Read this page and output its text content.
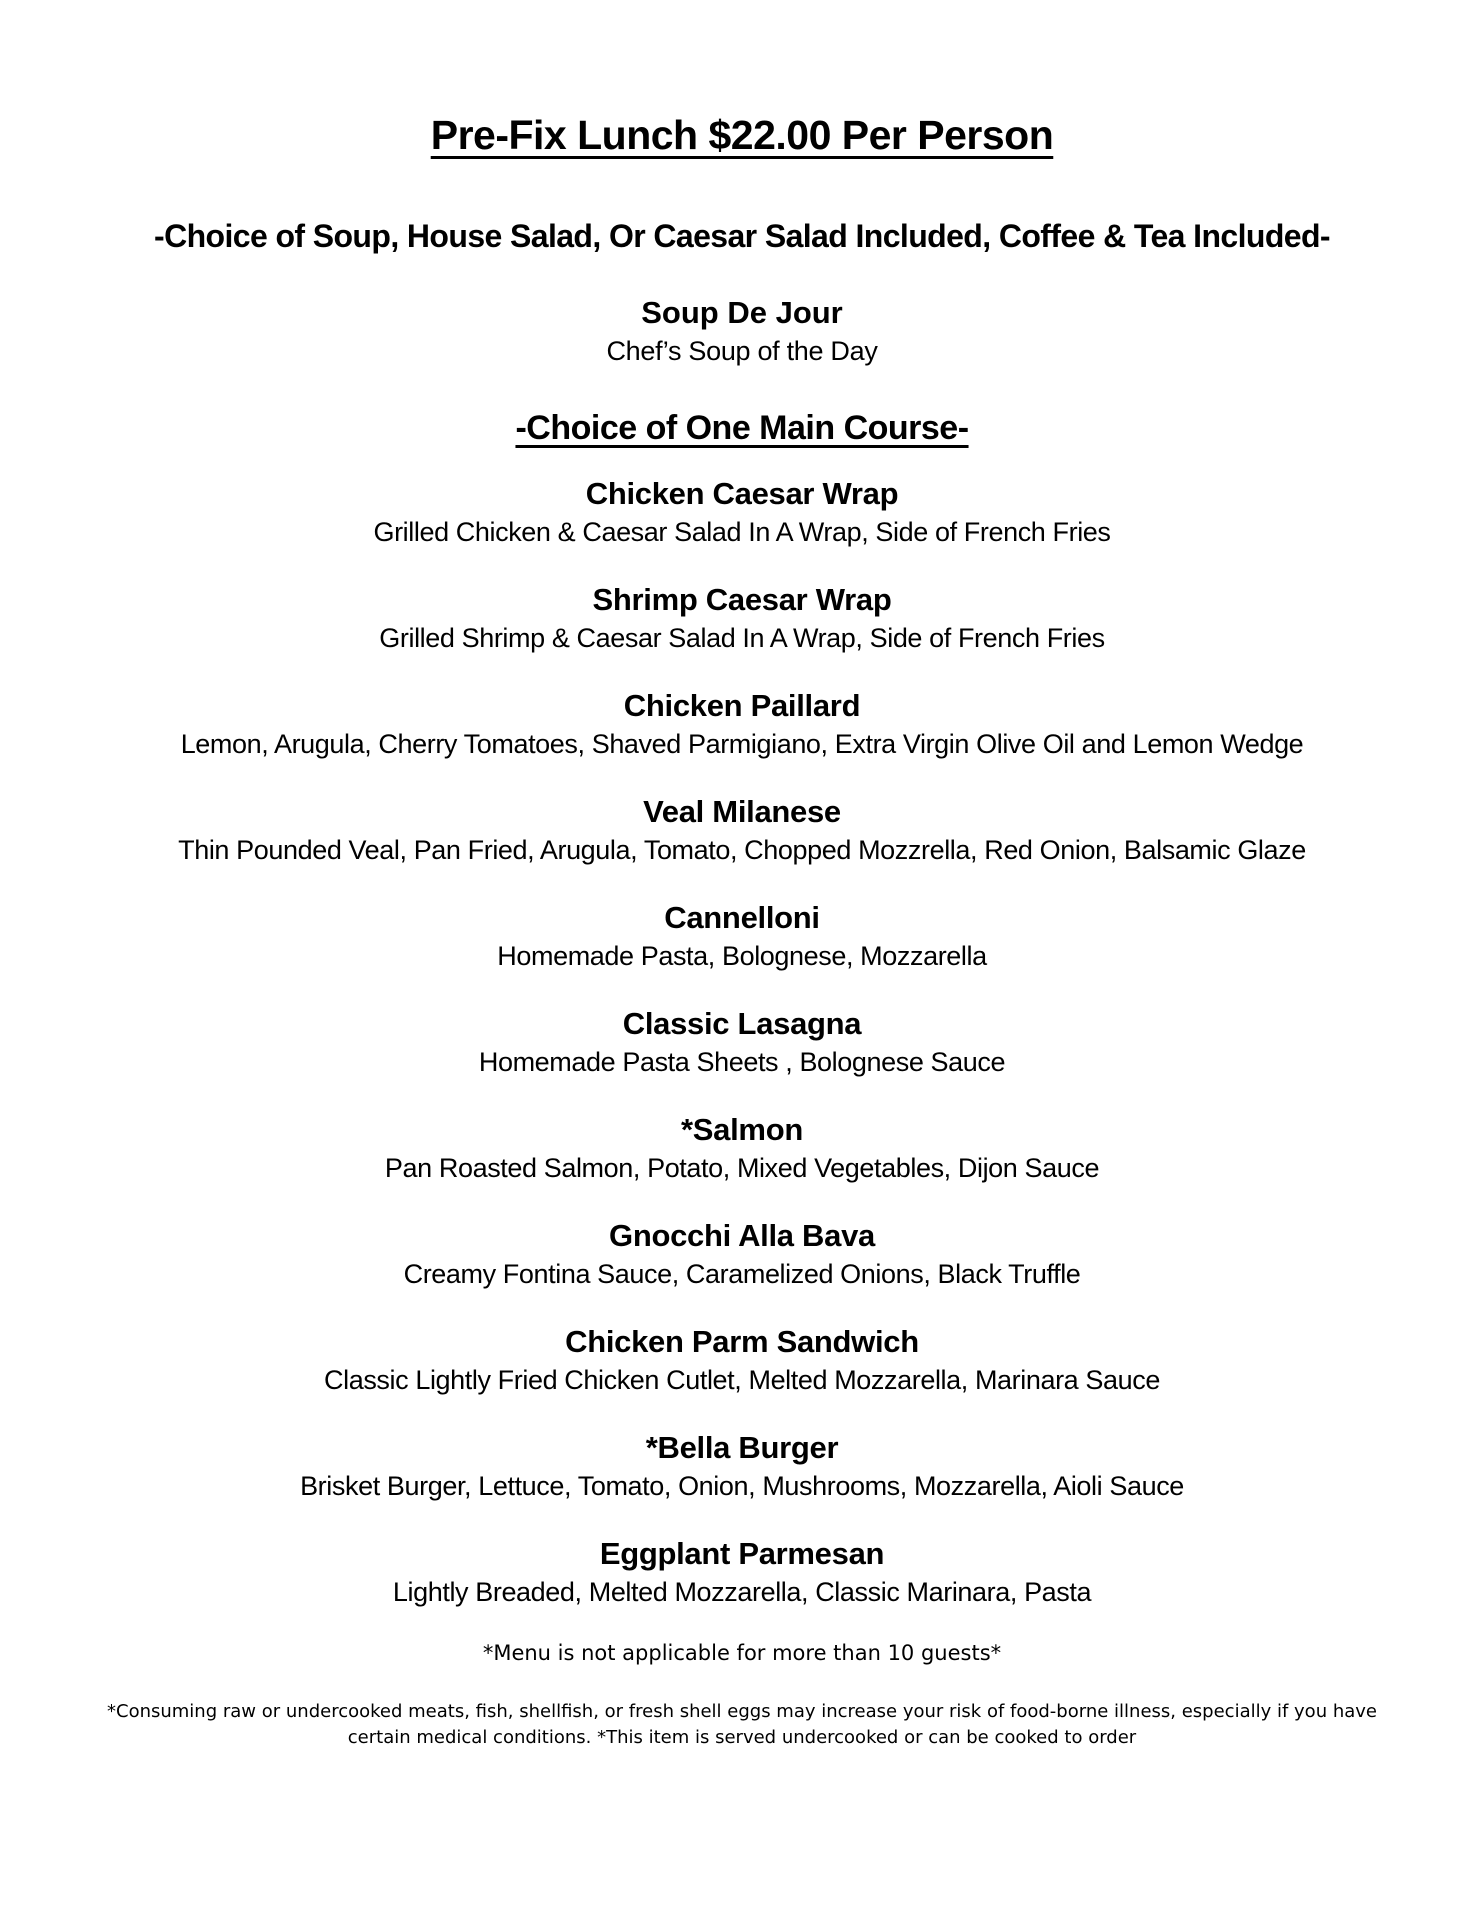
Pre-Fix Lunch $22.00 Per Person
-Choice of Soup, House Salad, Or Caesar Salad Included, Coffee & Tea Included-
Soup De Jour
Chef’s Soup of the Day
-Choice of One Main Course-
Chicken Caesar Wrap
Grilled Chicken & Caesar Salad In A Wrap, Side of French Fries
Shrimp Caesar Wrap
Grilled Shrimp & Caesar Salad In A Wrap, Side of French Fries
Chicken Paillard
Lemon, Arugula, Cherry Tomatoes, Shaved Parmigiano, Extra Virgin Olive Oil and Lemon Wedge
Veal Milanese
Thin Pounded Veal, Pan Fried, Arugula, Tomato, Chopped Mozzrella, Red Onion, Balsamic Glaze
Cannelloni
Homemade Pasta, Bolognese, Mozzarella
Classic Lasagna
Homemade Pasta Sheets , Bolognese Sauce
*Salmon
Pan Roasted Salmon, Potato, Mixed Vegetables, Dijon Sauce
Gnocchi Alla Bava
Creamy Fontina Sauce, Caramelized Onions, Black Truffle
Chicken Parm Sandwich
Classic Lightly Fried Chicken Cutlet, Melted Mozzarella, Marinara Sauce
*Bella Burger
Brisket Burger, Lettuce, Tomato, Onion, Mushrooms, Mozzarella, Aioli Sauce
Eggplant Parmesan
Lightly Breaded, Melted Mozzarella, Classic Marinara, Pasta
*Menu is not applicable for more than 10 guests*
*Consuming raw or undercooked meats, fish, shellfish, or fresh shell eggs may increase your risk of food-borne illness, especially if you have certain medical conditions. *This item is served undercooked or can be cooked to order
